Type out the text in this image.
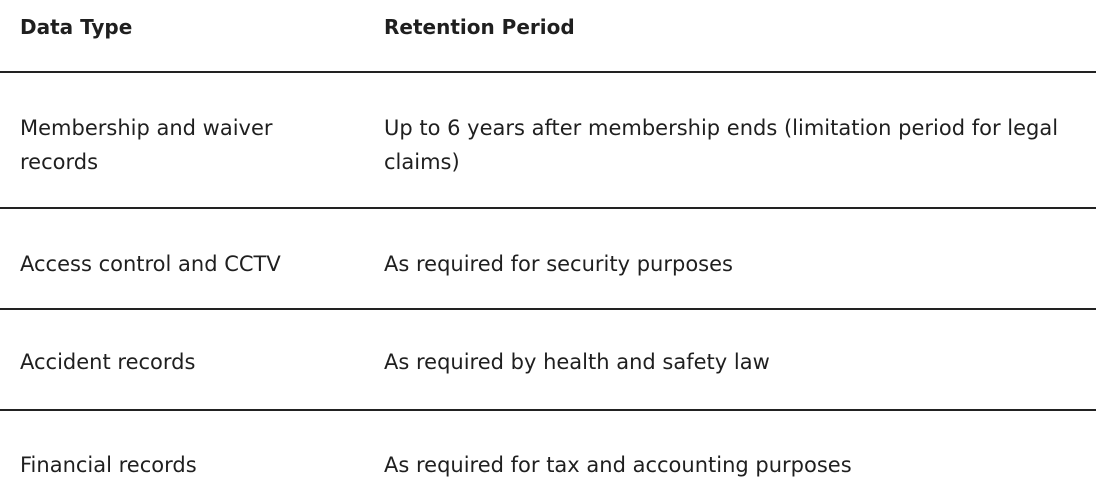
Data Type	Retention Period
Membership and waiver records	Up to 6 years after membership ends (limitation period for legal claims)
Access control and CCTV	As required for security purposes
Accident records	As required by health and safety law
Financial records	As required for tax and accounting purposes
